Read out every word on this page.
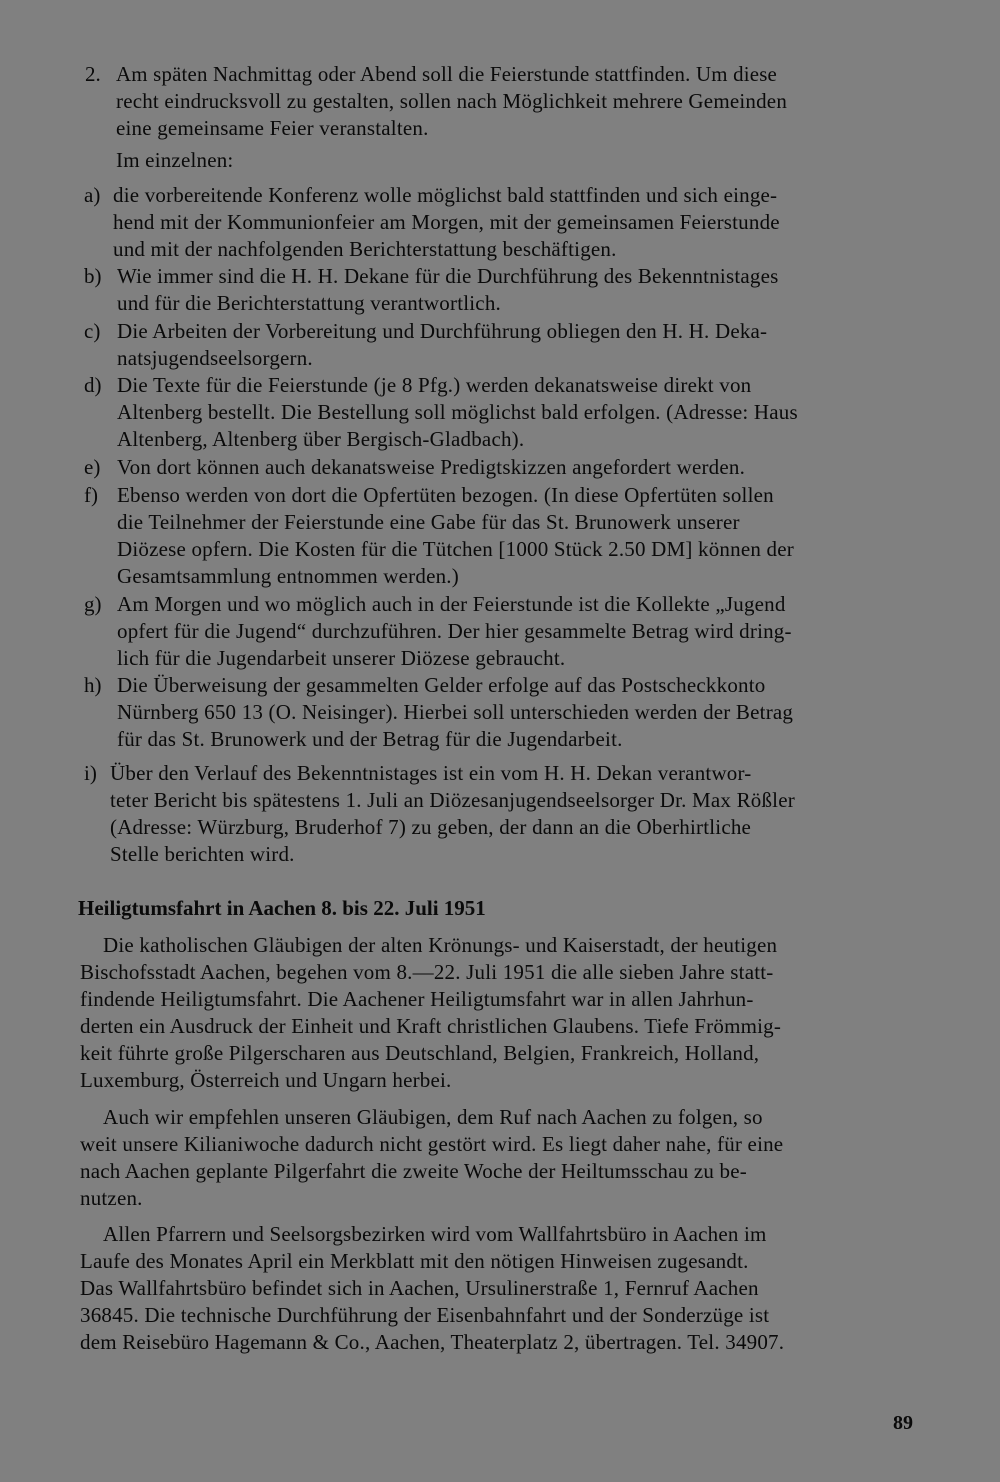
2. Am späten Nachmittag oder Abend soll die Feierstunde stattfinden. Um diese
recht eindrucksvoll zu gestalten, sollen nach Möglichkeit mehrere Gemeinden
eine gemeinsame Feier veranstalten.
Im einzelnen:
a) die vorbereitende Konferenz wolle möglichst bald stattfinden und sich einge-
hend mit der Kommunionfeier am Morgen, mit der gemeinsamen Feierstunde
und mit der nachfolgenden Berichterstattung beschäftigen.
b) Wie immer sind die H. H. Dekane für die Durchführung des Bekenntnistages
und für die Berichterstattung verantwortlich.
c) Die Arbeiten der Vorbereitung und Durchführung obliegen den H. H. Deka-
natsjugendseelsorgern.
d) Die Texte für die Feierstunde (je 8 Pfg.) werden dekanatsweise direkt von
Altenberg bestellt. Die Bestellung soll möglichst bald erfolgen. (Adresse: Haus
Altenberg, Altenberg über Bergisch-Gladbach).
e) Von dort können auch dekanatsweise Predigtskizzen angefordert werden.
f) Ebenso werden von dort die Opfertüten bezogen. (In diese Opfertüten sollen
die Teilnehmer der Feierstunde eine Gabe für das St. Brunowerk unserer
Diözese opfern. Die Kosten für die Tütchen [1000 Stück 2.50 DM] können der
Gesamtsammlung entnommen werden.)
g) Am Morgen und wo möglich auch in der Feierstunde ist die Kollekte „Jugend
opfert für die Jugend“ durchzuführen. Der hier gesammelte Betrag wird dring-
lich für die Jugendarbeit unserer Diözese gebraucht.
h) Die Überweisung der gesammelten Gelder erfolge auf das Postscheckkonto
Nürnberg 650 13 (O. Neisinger). Hierbei soll unterschieden werden der Betrag
für das St. Brunowerk und der Betrag für die Jugendarbeit.
i) Über den Verlauf des Bekenntnistages ist ein vom H. H. Dekan verantwor-
teter Bericht bis spätestens 1. Juli an Diözesanjugendseelsorger Dr. Max Rößler
(Adresse: Würzburg, Bruderhof 7) zu geben, der dann an die Oberhirtliche
Stelle berichten wird.
Heiligtumsfahrt in Aachen 8. bis 22. Juli 1951
Die katholischen Gläubigen der alten Krönungs- und Kaiserstadt, der heutigen
Bischofsstadt Aachen, begehen vom 8.—22. Juli 1951 die alle sieben Jahre statt-
findende Heiligtumsfahrt. Die Aachener Heiligtumsfahrt war in allen Jahrhun-
derten ein Ausdruck der Einheit und Kraft christlichen Glaubens. Tiefe Frömmig-
keit führte große Pilgerscharen aus Deutschland, Belgien, Frankreich, Holland,
Luxemburg, Österreich und Ungarn herbei.
Auch wir empfehlen unseren Gläubigen, dem Ruf nach Aachen zu folgen, so
weit unsere Kilianiwoche dadurch nicht gestört wird. Es liegt daher nahe, für eine
nach Aachen geplante Pilgerfahrt die zweite Woche der Heiltumsschau zu be-
nutzen.
Allen Pfarrern und Seelsorgsbezirken wird vom Wallfahrtsbüro in Aachen im
Laufe des Monates April ein Merkblatt mit den nötigen Hinweisen zugesandt.
Das Wallfahrtsbüro befindet sich in Aachen, Ursulinerstraße 1, Fernruf Aachen
36845. Die technische Durchführung der Eisenbahnfahrt und der Sonderzüge ist
dem Reisebüro Hagemann & Co., Aachen, Theaterplatz 2, übertragen. Tel. 34907.
89
